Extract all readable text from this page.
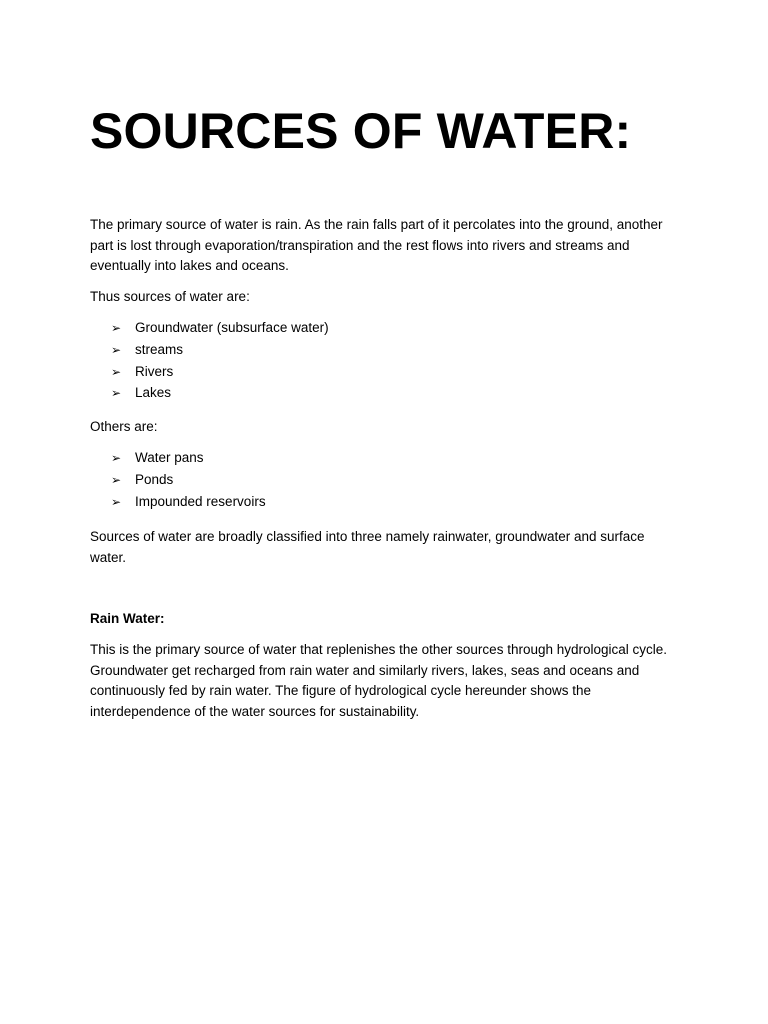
SOURCES OF WATER:

The primary source of water is rain. As the rain falls part of it percolates into the ground, another part is lost through evaporation/transpiration and the rest flows into rivers and streams and eventually into lakes and oceans.

Thus sources of water are:

➢ Groundwater (subsurface water)
➢ streams
➢ Rivers
➢ Lakes

Others are:

➢ Water pans
➢ Ponds
➢ Impounded reservoirs

Sources of water are broadly classified into three namely rainwater, groundwater and surface water.

Rain Water:

This is the primary source of water that replenishes the other sources through hydrological cycle. Groundwater get recharged from rain water and similarly rivers, lakes, seas and oceans and continuously fed by rain water. The figure of hydrological cycle hereunder shows the interdependence of the water sources for sustainability.
